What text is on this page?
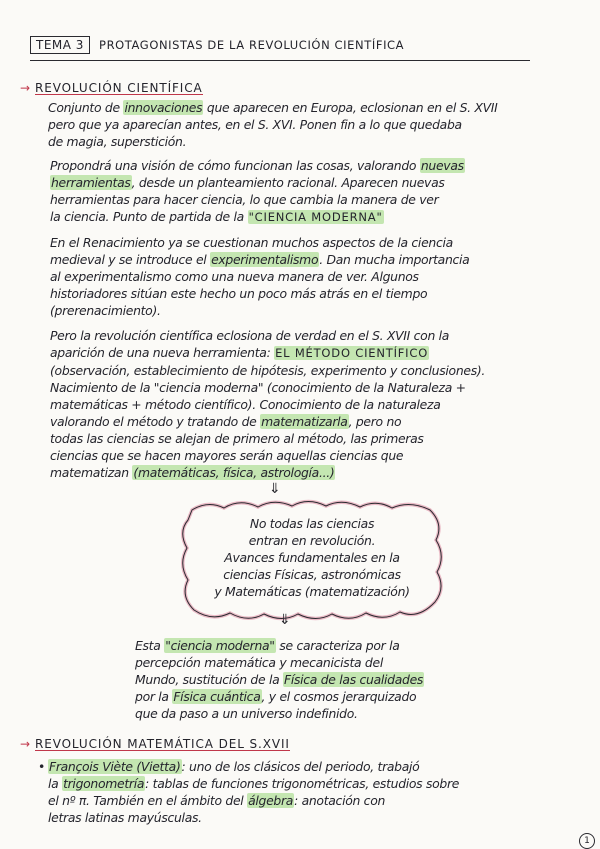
TEMA 3 PROTAGONISTAS DE LA REVOLUCIÓN CIENTÍFICA
→ REVOLUCIÓN CIENTÍFICA

Conjunto de innovaciones que aparecen en Europa, eclosionan en el S. XVII

pero que ya aparecían antes, en el S. XVI. Ponen fin a lo que quedaba

de magia, superstición.

Propondrá una visión de cómo funcionan las cosas, valorando nuevas

herramientas, desde un planteamiento racional. Aparecen nuevas

herramientas para hacer ciencia, lo que cambia la manera de ver

la ciencia. Punto de partida de la "CIENCIA MODERNA"

En el Renacimiento ya se cuestionan muchos aspectos de la ciencia

medieval y se introduce el experimentalismo. Dan mucha importancia

al experimentalismo como una nueva manera de ver. Algunos

historiadores sitúan este hecho un poco más atrás en el tiempo

(prerenacimiento).

Pero la revolución científica eclosiona de verdad en el S. XVII con la

aparición de una nueva herramienta: EL MÉTODO CIENTÍFICO

(observación, establecimiento de hipótesis, experimento y conclusiones).

Nacimiento de la "ciencia moderna" (conocimiento de la Naturaleza +

matemáticas + método científico). Conocimiento de la naturaleza

valorando el método y tratando de matematizarla, pero no

todas las ciencias se alejan de primero al método, las primeras

ciencias que se hacen mayores serán aquellas ciencias que

matematizan (matemáticas, física, astrología...)

⇓

No todas las ciencias

entran en revolución.

Avances fundamentales en la

ciencias Físicas, astronómicas

y Matemáticas (matematización)

⇓

Esta "ciencia moderna" se caracteriza por la

percepción matemática y mecanicista del

Mundo, sustitución de la Física de las cualidades

por la Física cuántica, y el cosmos jerarquizado

que da paso a un universo indefinido.

→ REVOLUCIÓN MATEMÁTICA DEL S.XVII

• François Viète (Vietta): uno de los clásicos del periodo, trabajó

la trigonometría: tablas de funciones trigonométricas, estudios sobre

el nº π. También en el ámbito del álgebra: anotación con

letras latinas mayúsculas.

1
